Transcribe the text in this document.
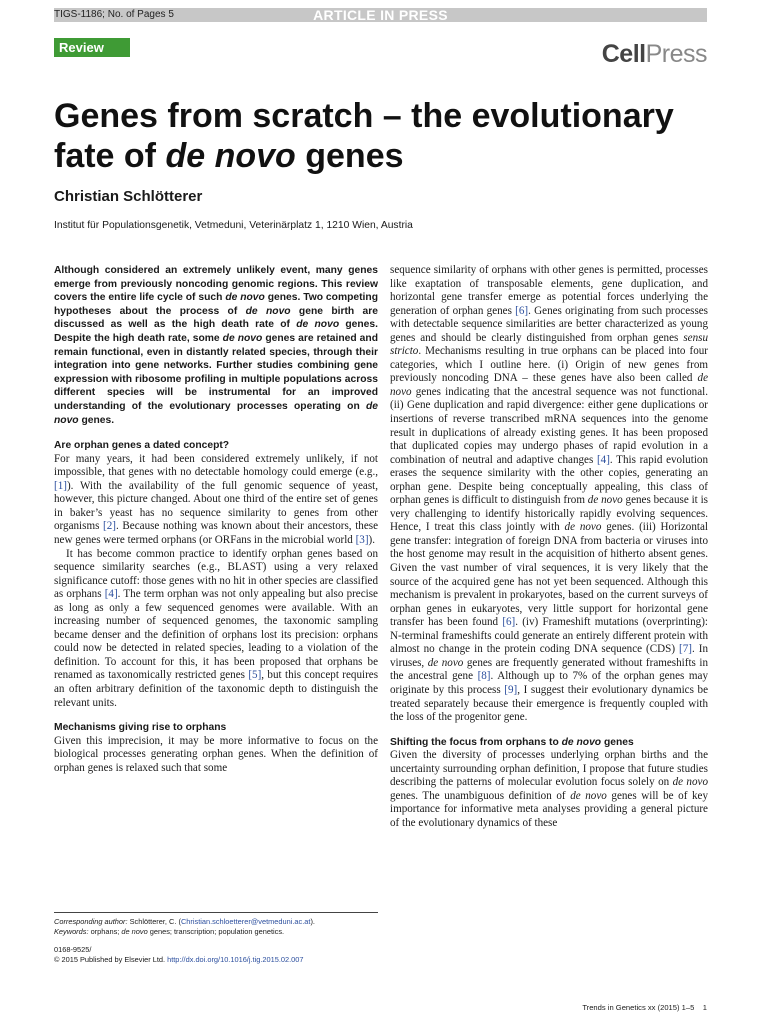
TIGS-1186; No. of Pages 5	ARTICLE IN PRESS
Review	CellPress
Genes from scratch – the evolutionary
fate of de novo genes
Christian Schlötterer
Institut für Populationsgenetik, Vetmeduni, Veterinärplatz 1, 1210 Wien, Austria

Although considered an extremely unlikely event, many genes emerge from previously noncoding genomic regions. This review covers the entire life cycle of such de novo genes. Two competing hypotheses about the process of de novo gene birth are discussed as well as the high death rate of de novo genes. Despite the high death rate, some de novo genes are retained and remain functional, even in distantly related species, through their integration into gene networks. Further studies combining gene expression with ribosome profiling in multiple populations across different species will be instrumental for an improved understanding of the evolutionary processes operating on de novo genes.

Are orphan genes a dated concept?

For many years, it had been considered extremely unlikely, if not impossible, that genes with no detectable homology could emerge (e.g., [1]). With the availability of the full genomic sequence of yeast, however, this picture changed. About one third of the entire set of genes in baker’s yeast has no sequence similarity to genes from other organisms [2]. Because nothing was known about their ancestors, these new genes were termed orphans (or ORFans in the microbial world [3]).

It has become common practice to identify orphan genes based on sequence similarity searches (e.g., BLAST) using a very relaxed significance cutoff: those genes with no hit in other species are classified as orphans [4]. The term orphan was not only appealing but also precise as long as only a few sequenced genomes were available. With an increasing number of sequenced genomes, the taxonomic sampling became denser and the definition of orphans lost its precision: orphans could now be detected in related species, leading to a violation of the definition. To account for this, it has been proposed that orphans be renamed as taxonomically restricted genes [5], but this concept requires an often arbitrary definition of the taxonomic depth to distinguish the relevant units.

Mechanisms giving rise to orphans

Given this imprecision, it may be more informative to focus on the biological processes generating orphan genes. When the definition of orphan genes is relaxed such that some

sequence similarity of orphans with other genes is permitted, processes like exaptation of transposable elements, gene duplication, and horizontal gene transfer emerge as potential forces underlying the generation of orphan genes [6]. Genes originating from such processes with detectable sequence similarities are better characterized as young genes and should be clearly distinguished from orphan genes sensu stricto. Mechanisms resulting in true orphans can be placed into four categories, which I outline here. (i) Origin of new genes from previously noncoding DNA – these genes have also been called de novo genes indicating that the ancestral sequence was not functional. (ii) Gene duplication and rapid divergence: either gene duplications or insertions of reverse transcribed mRNA sequences into the genome result in duplications of already existing genes. It has been proposed that duplicated copies may undergo phases of rapid evolution in a combination of neutral and adaptive changes [4]. This rapid evolution erases the sequence similarity with the other copies, generating an orphan gene. Despite being conceptually appealing, this class of orphan genes is difficult to distinguish from de novo genes because it is very challenging to identify historically rapidly evolving sequences. Hence, I treat this class jointly with de novo genes. (iii) Horizontal gene transfer: integration of foreign DNA from bacteria or viruses into the host genome may result in the acquisition of hitherto absent genes. Given the vast number of viral sequences, it is very likely that the source of the acquired gene has not yet been sequenced. Although this mechanism is prevalent in prokaryotes, based on the current surveys of orphan genes in eukaryotes, very little support for horizontal gene transfer has been found [6]. (iv) Frameshift mutations (overprinting): N-terminal frameshifts could generate an entirely different protein with almost no change in the protein coding DNA sequence (CDS) [7]. In viruses, de novo genes are frequently generated without frameshifts in the ancestral gene [8]. Although up to 7% of the orphan genes may originate by this process [9], I suggest their evolutionary dynamics be treated separately because their emergence is frequently coupled with the loss of the progenitor gene.

Shifting the focus from orphans to de novo genes

Given the diversity of processes underlying orphan births and the uncertainty surrounding orphan definition, I propose that future studies describing the patterns of molecular evolution focus solely on de novo genes. The unambiguous definition of de novo genes will be of key importance for informative meta analyses providing a general picture of the evolutionary dynamics of these

Corresponding author: Schlötterer, C. (Christian.schloetterer@vetmeduni.ac.at).
Keywords: orphans; de novo genes; transcription; population genetics.
0168-9525/
© 2015 Published by Elsevier Ltd. http://dx.doi.org/10.1016/j.tig.2015.02.007
Trends in Genetics xx (2015) 1–5 1
